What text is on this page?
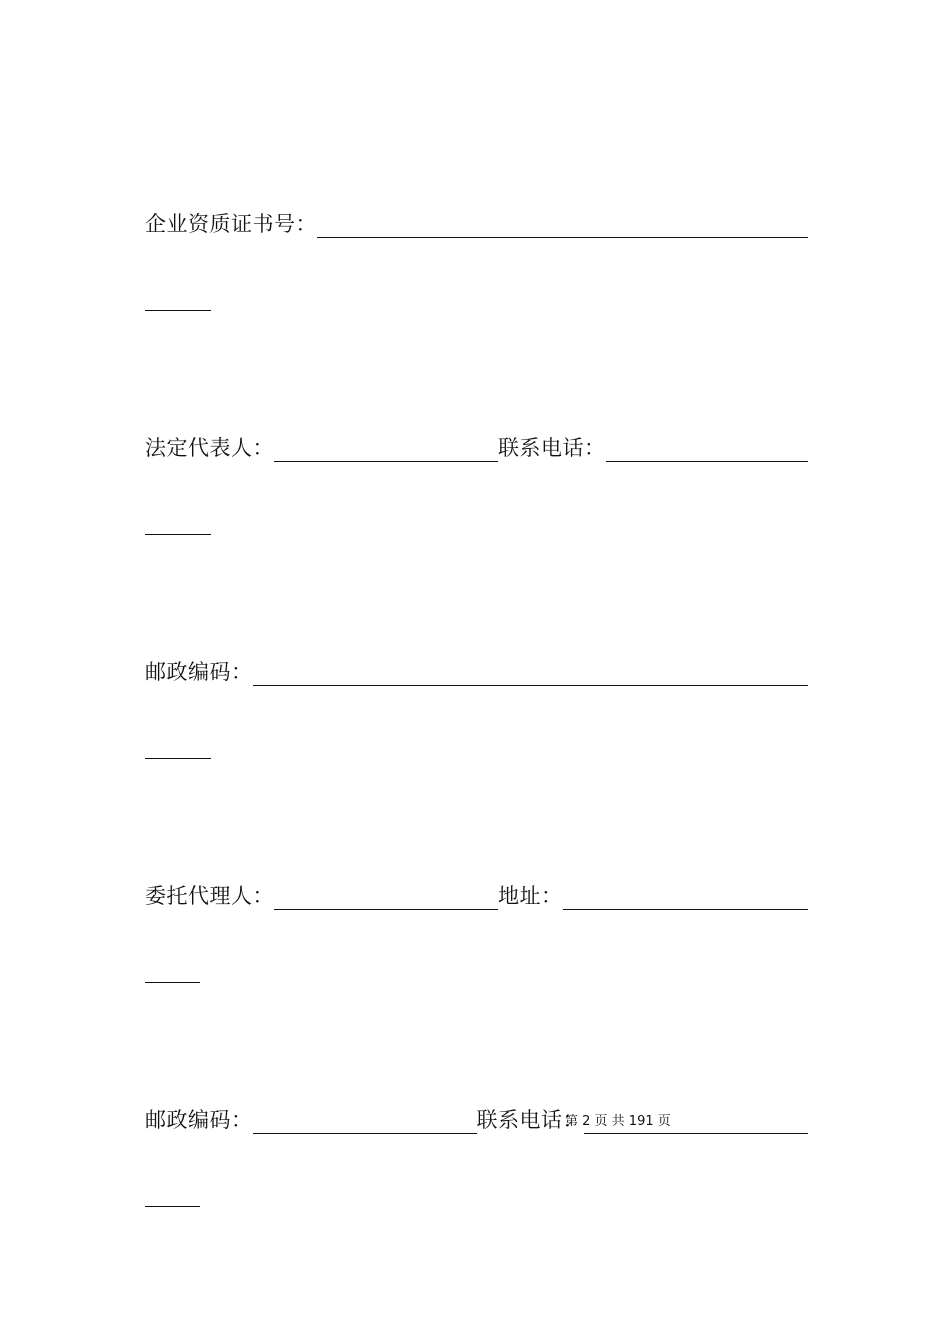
企业资质证书号：
法定代表人：	联系电话：
邮政编码：
委托代理人：	地址：
邮政编码：	联系电话：
第 2 页 共 191 页
